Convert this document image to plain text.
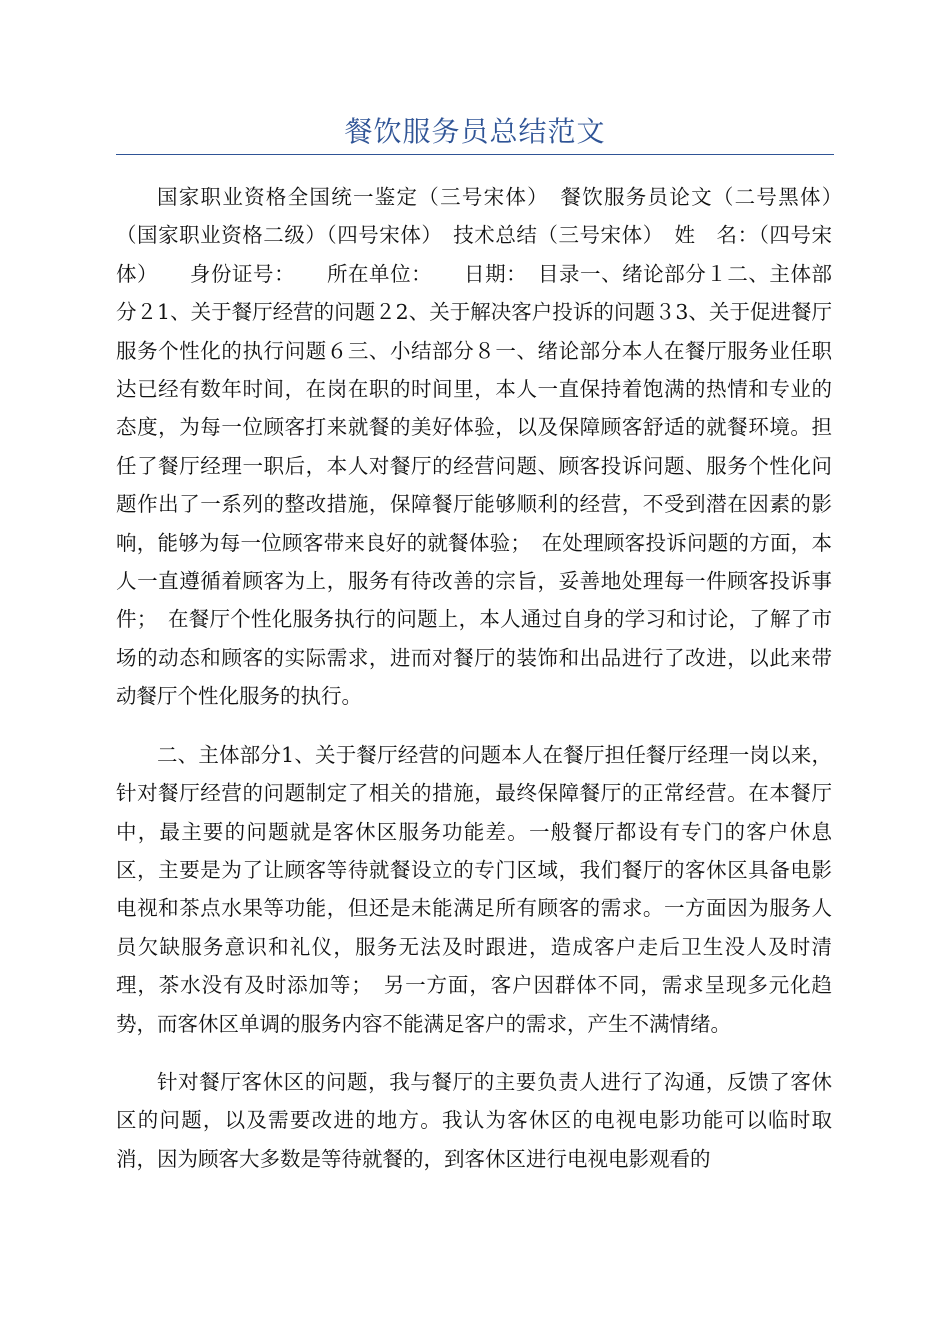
餐饮服务员总结范文

国家职业资格全国统一鉴定（三号宋体）　餐饮服务员论文（二号黑体）　（国家职业资格二级）（四号宋体）　技术总结（三号宋体）　姓　名：（四号宋体）　　身份证号：　　所在单位：　　日期：　目录一、绪论部分１二、主体部分２1、关于餐厅经营的问题２2、关于解决客户投诉的问题３3、关于促进餐厅服务个性化的执行问题６三、小结部分８一、绪论部分本人在餐厅服务业任职达已经有数年时间，在岗在职的时间里，本人一直保持着饱满的热情和专业的态度，为每一位顾客打来就餐的美好体验，以及保障顾客舒适的就餐环境。担任了餐厅经理一职后，本人对餐厅的经营问题、顾客投诉问题、服务个性化问题作出了一系列的整改措施，保障餐厅能够顺利的经营，不受到潜在因素的影响，能够为每一位顾客带来良好的就餐体验；　在处理顾客投诉问题的方面，本人一直遵循着顾客为上，服务有待改善的宗旨，妥善地处理每一件顾客投诉事件；　在餐厅个性化服务执行的问题上，本人通过自身的学习和讨论，了解了市场的动态和顾客的实际需求，进而对餐厅的装饰和出品进行了改进，以此来带动餐厅个性化服务的执行。

二、主体部分1、关于餐厅经营的问题本人在餐厅担任餐厅经理一岗以来，针对餐厅经营的问题制定了相关的措施，最终保障餐厅的正常经营。在本餐厅中，最主要的问题就是客休区服务功能差。一般餐厅都设有专门的客户休息区，主要是为了让顾客等待就餐设立的专门区域，我们餐厅的客休区具备电影电视和茶点水果等功能，但还是未能满足所有顾客的需求。一方面因为服务人员欠缺服务意识和礼仪，服务无法及时跟进，造成客户走后卫生没人及时清理，茶水没有及时添加等；　另一方面，客户因群体不同，需求呈现多元化趋势，而客休区单调的服务内容不能满足客户的需求，产生不满情绪。

针对餐厅客休区的问题，我与餐厅的主要负责人进行了沟通，反馈了客休区的问题，以及需要改进的地方。我认为客休区的电视电影功能可以临时取消，因为顾客大多数是等待就餐的，到客休区进行电视电影观看的
